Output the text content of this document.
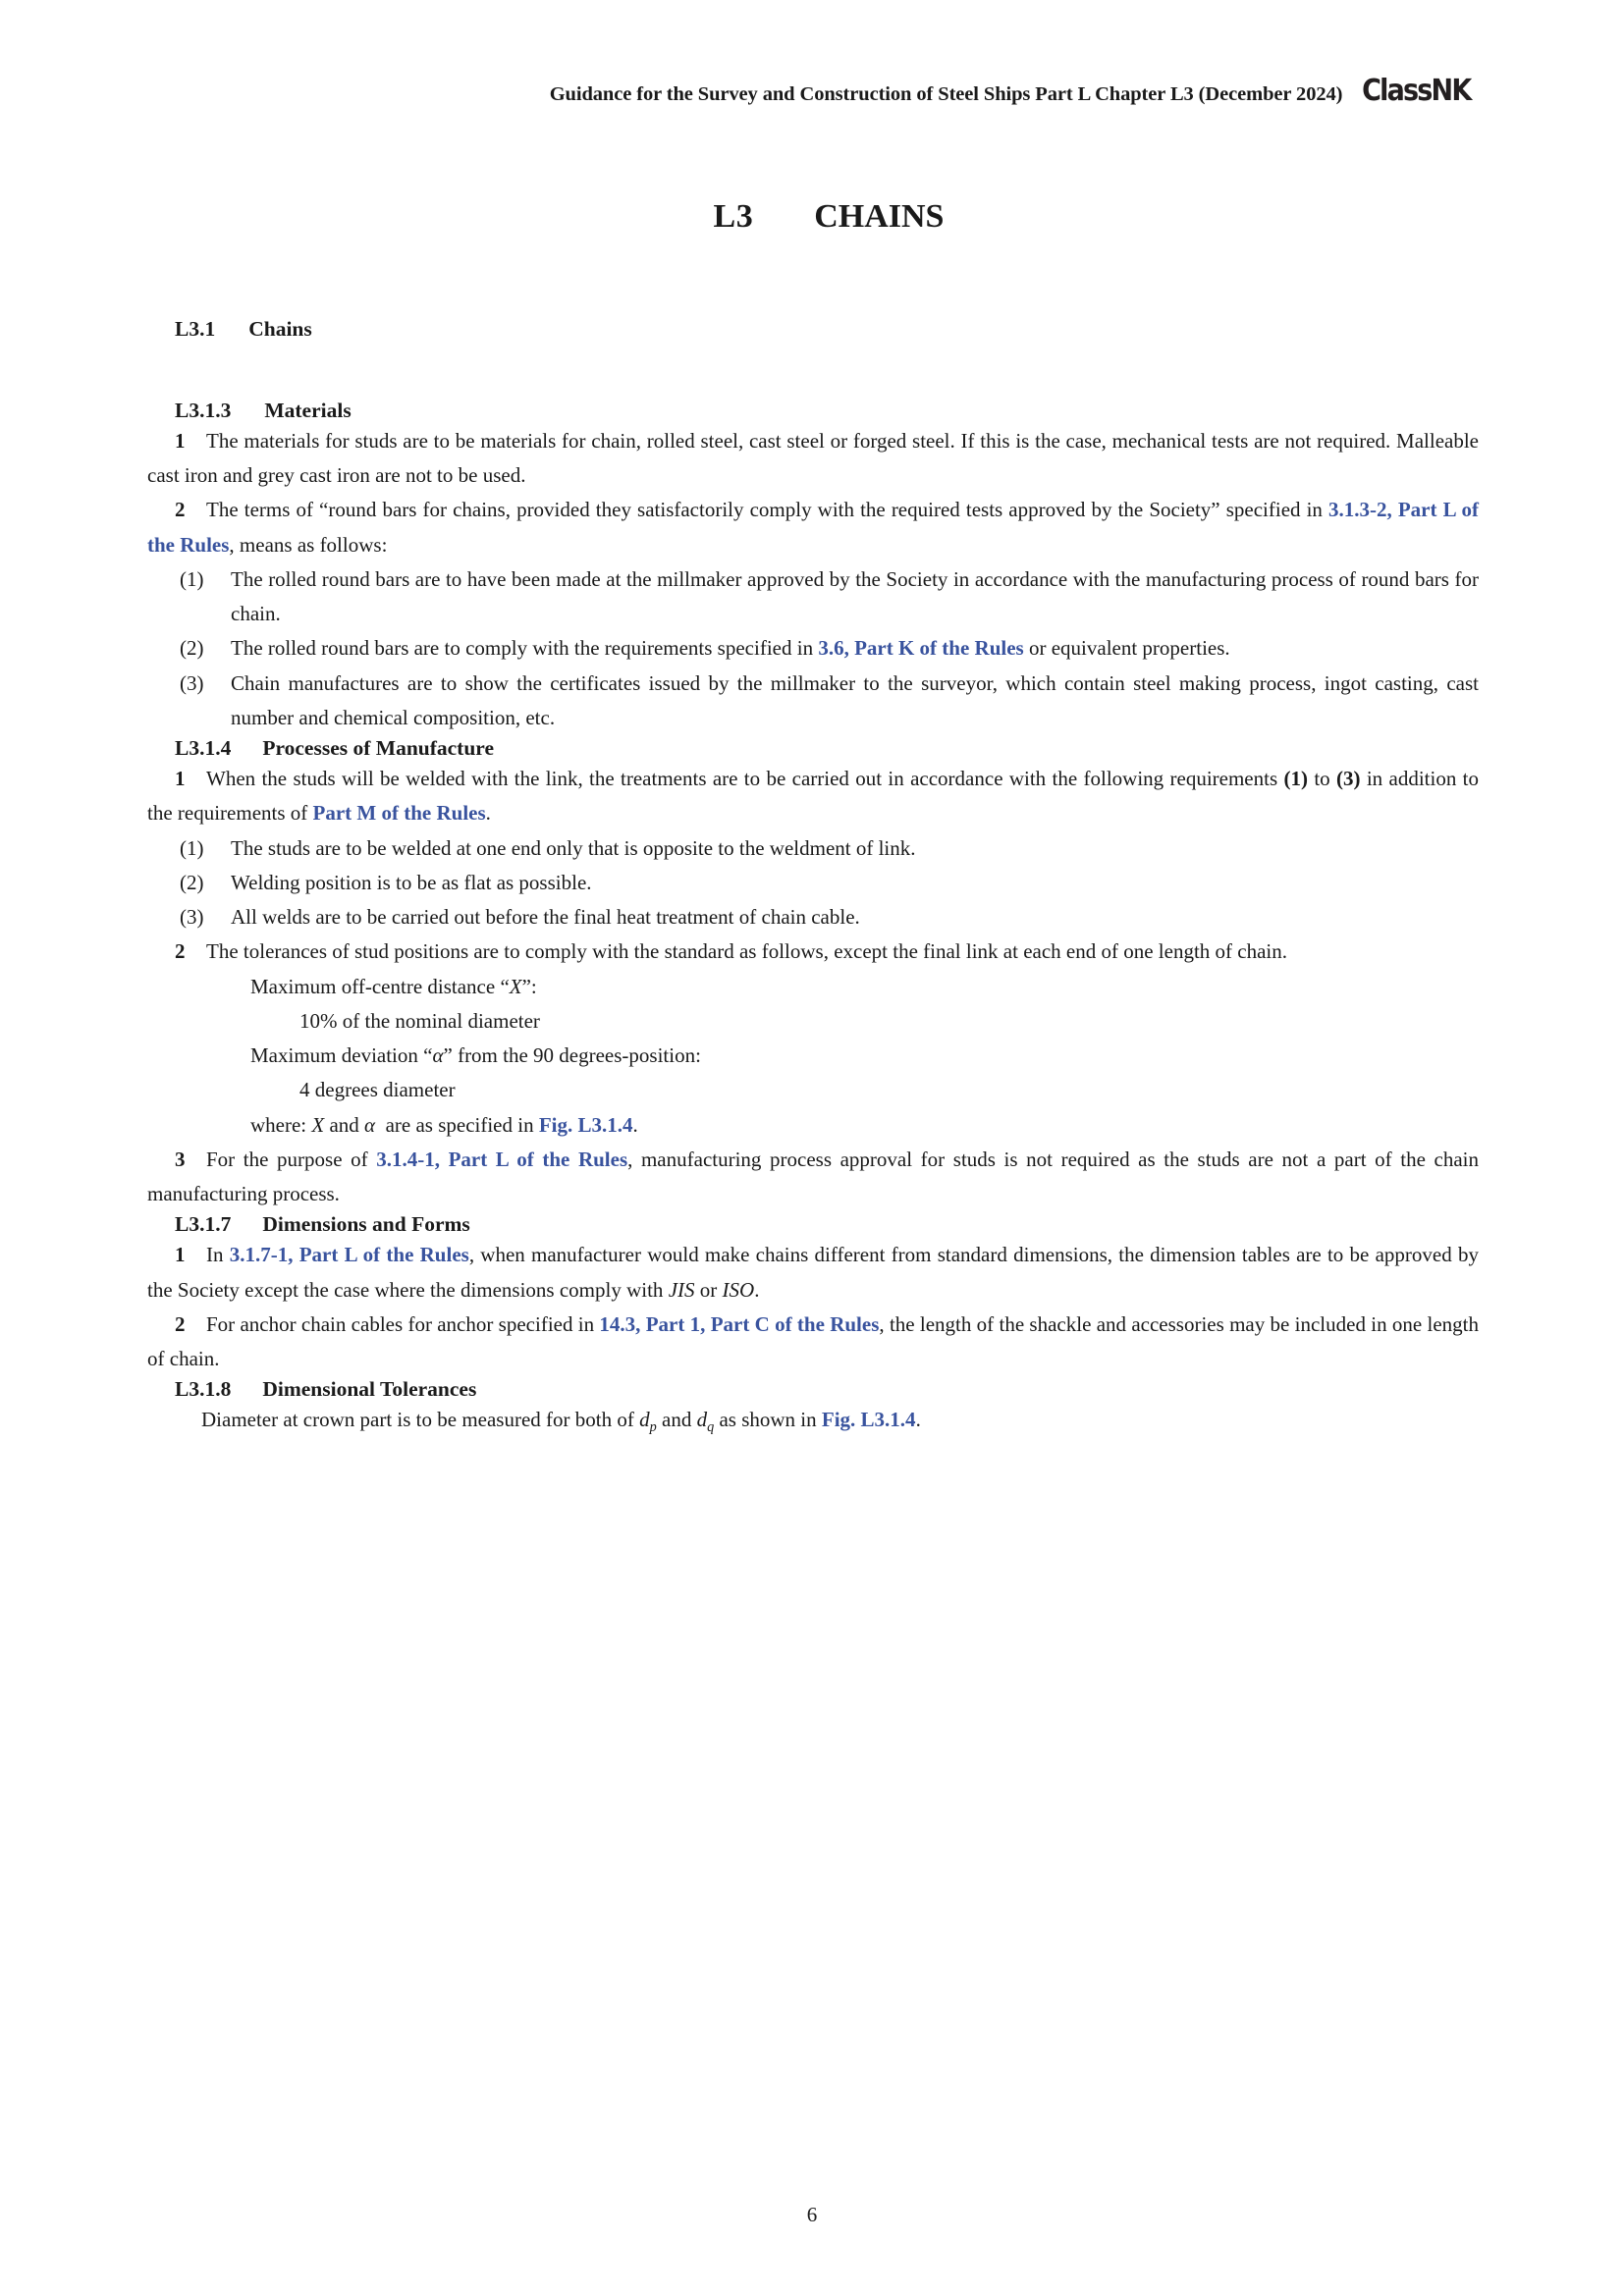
Guidance for the Survey and Construction of Steel Ships Part L Chapter L3 (December 2024) ClassNK

L3 CHAINS

L3.1 Chains
L3.1.3 Materials

1 The materials for studs are to be materials for chain, rolled steel, cast steel or forged steel. If this is the case, mechanical tests are not required. Malleable cast iron and grey cast iron are not to be used.

2 The terms of “round bars for chains, provided they satisfactorily comply with the required tests approved by the Society” specified in 3.1.3-2, Part L of the Rules, means as follows:

(1)	The rolled round bars are to have been made at the millmaker approved by the Society in accordance with the manufacturing process of round bars for chain.
(2)	The rolled round bars are to comply with the requirements specified in 3.6, Part K of the Rules or equivalent properties.
(3)	Chain manufactures are to show the certificates issued by the millmaker to the surveyor, which contain steel making process, ingot casting, cast number and chemical composition, etc.
L3.1.4 Processes of Manufacture

1 When the studs will be welded with the link, the treatments are to be carried out in accordance with the following requirements (1) to (3) in addition to the requirements of Part M of the Rules.

(1)	The studs are to be welded at one end only that is opposite to the weldment of link.
(2)	Welding position is to be as flat as possible.
(3)	All welds are to be carried out before the final heat treatment of chain cable.

2 The tolerances of stud positions are to comply with the standard as follows, except the final link at each end of one length of chain.

Maximum off-centre distance “X”:
10% of the nominal diameter
Maximum deviation “α” from the 90 degrees-position:
4 degrees diameter
where: X and α  are as specified in Fig. L3.1.4.

3 For the purpose of 3.1.4-1, Part L of the Rules, manufacturing process approval for studs is not required as the studs are not a part of the chain manufacturing process.

L3.1.7 Dimensions and Forms

1 In 3.1.7-1, Part L of the Rules, when manufacturer would make chains different from standard dimensions, the dimension tables are to be approved by the Society except the case where the dimensions comply with JIS or ISO.

2 For anchor chain cables for anchor specified in 14.3, Part 1, Part C of the Rules, the length of the shackle and accessories may be included in one length of chain.

L3.1.8 Dimensional Tolerances
Diameter at crown part is to be measured for both of $d_p$ and $d_q$ as shown in Fig. L3.1.4.
6
